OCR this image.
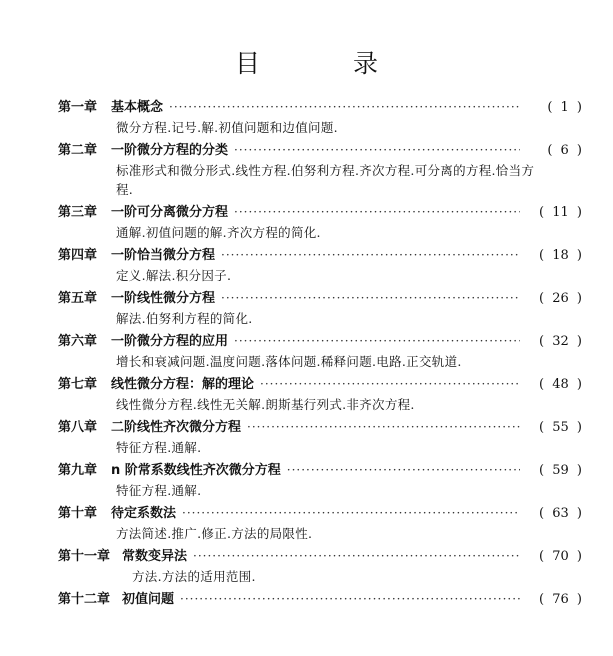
目　录
第一章 基本概念 ·····	( 1 )
微分方程.记号.解.初值问题和边值问题.
第二章 一阶微分方程的分类 ·····	( 6 )
标准形式和微分形式.线性方程.伯努利方程.齐次方程.可分离的方程.恰当方程.
第三章 一阶可分离微分方程 ·····	( 11 )
通解.初值问题的解.齐次方程的简化.
第四章 一阶恰当微分方程 ·····	( 18 )
定义.解法.积分因子.
第五章 一阶线性微分方程 ·····	( 26 )
解法.伯努利方程的简化.
第六章 一阶微分方程的应用 ·····	( 32 )
增长和衰减问题.温度问题.落体问题.稀释问题.电路.正交轨道.
第七章 线性微分方程：解的理论 ·····	( 48 )
线性微分方程.线性无关解.朗斯基行列式.非齐次方程.
第八章 二阶线性齐次微分方程 ·····	( 55 )
特征方程.通解.
第九章 n 阶常系数线性齐次微分方程 ·····	( 59 )
特征方程.通解.
第十章 待定系数法 ·····	( 63 )
方法简述.推广.修正.方法的局限性.
第十一章 常数变异法 ·····	( 70 )
方法.方法的适用范围.
第十二章 初值问题 ·····	( 76 )
